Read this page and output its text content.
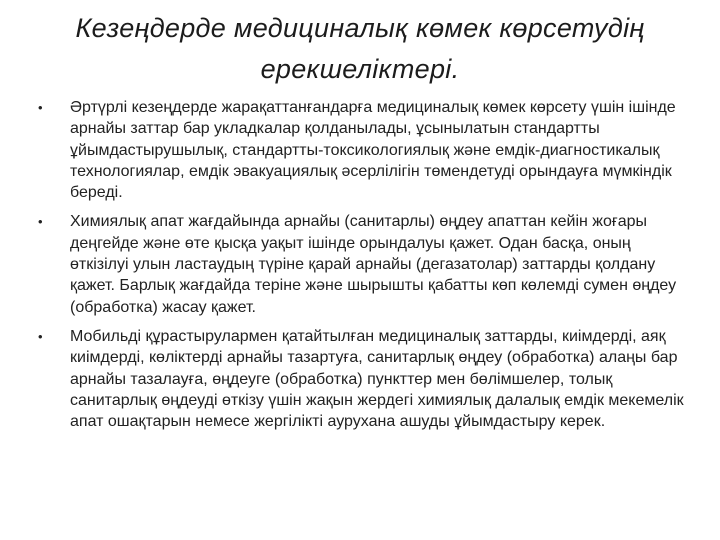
Кезеңдерде медициналық көмек көрсетудің
ерекшеліктері.
•	Әртүрлі кезеңдерде жарақаттанғандарға медициналық көмек көрсету үшін ішінде арнайы заттар бар укладкалар қолданылады, ұсынылатын стандартты ұйымдастырушылық, стандартты-токсикологиялық және емдік-диагностикалық технологиялар, емдік эвакуациялық әсерлілігін төмендетуді орындауға мүмкіндік береді.
•	Химиялық апат жағдайында арнайы (санитарлы) өңдеу апаттан кейін жоғары деңгейде және өте қысқа уақыт ішінде орындалуы қажет. Одан басқа, оның өткізілуі улын ластаудың түріне қарай арнайы (дегазатолар) заттарды қолдану қажет. Барлық жағдайда теріне және шырышты қабатты көп көлемді сумен өңдеу (обработка) жасау қажет.
•	Мобильді құрастырулармен қатайтылған медициналық заттарды, киімдерді, аяқ киімдерді, көліктерді арнайы тазартуға, санитарлық өңдеу (обработка) алаңы бар арнайы тазалауға, өңдеуге (обработка) пункттер мен бөлімшелер, толық санитарлық өңдеуді өткізу үшін жақын жердегі химиялық далалық емдік мекемелік апат ошақтарын немесе жергілікті аурухана ашуды ұйымдастыру керек.
